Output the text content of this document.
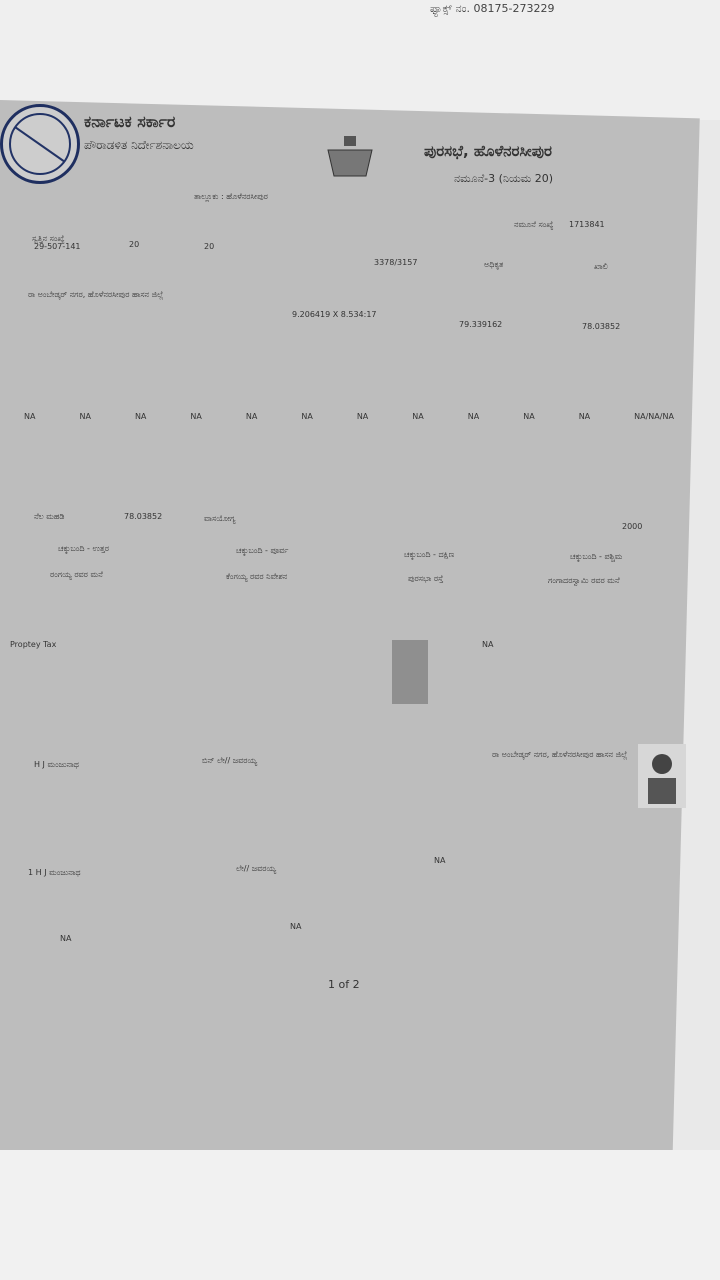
ಫ್ಯಾಕ್ಸ್ ನಂ. 08175-273229
ಕರ್ನಾಟಕ ಸರ್ಕಾರ
ಪೌರಾಡಳಿತ ನಿರ್ದೇಶನಾಲಯ	ಪುರಸಭೆ, ಹೊಳೆನರಸೀಪುರ
ನಮೂನೆ-3 (ನಿಯಮ 20)
ತಾಲ್ಲೂಕು : ಹೊಳೆನರಸೀಪುರ
ನಮೂನೆ ಸಂಖ್ಯೆ 1713841
ಸ್ವತ್ತಿನ ಸಂಖ್ಯೆ
29-507-141	20	20
3378/3157	ಅಧಿಕೃತ	ಖಾಲಿ
ರಾ ಅಂಬೇಡ್ಕರ್ ನಗರ, ಹೊಳೆನರಸೀಪುರ ಹಾಸನ ಜಿಲ್ಲೆ
9.206419 X 8.534:17
79.339162	78.03852
NA	NA	NA	NA	NA	NA	NA	NA	NA	NA	NA	NA/NA/NA
ನೆಲ ಮಹಡಿ	78.03852	ವಾಸಯೋಗ್ಯ
2000
ಚಕ್ಕುಬಂದಿ - ಉತ್ತರ	ಚಕ್ಕುಬಂದಿ - ಪೂರ್ವ	ಚಕ್ಕುಬಂದಿ - ದಕ್ಷಿಣ	ಚಕ್ಕುಬಂದಿ - ಪಶ್ಚಿಮ
ರಂಗಯ್ಯ ರವರ ಮನೆ	ಕೆಂಗಯ್ಯ ರವರ ನಿವೇಶನ	ಪುರಸಭಾ ರಸ್ತೆ	ಗಂಗಾದರಸ್ವಾಮಿ ರವರ ಮನೆ
Proptey Tax	NA
H J ಮಂಜುನಾಥ	ಬಿನ್ ಲೇ// ಜವರಯ್ಯ
ರಾ ಅಂಬೇಡ್ಕರ್ ನಗರ, ಹೊಳೆನರಸೀಪುರ ಹಾಸನ ಜಿಲ್ಲೆ
1 H J ಮಂಜುನಾಥ	ಲೇ// ಜವರಯ್ಯ
NA
NA
NA
1 of 2
